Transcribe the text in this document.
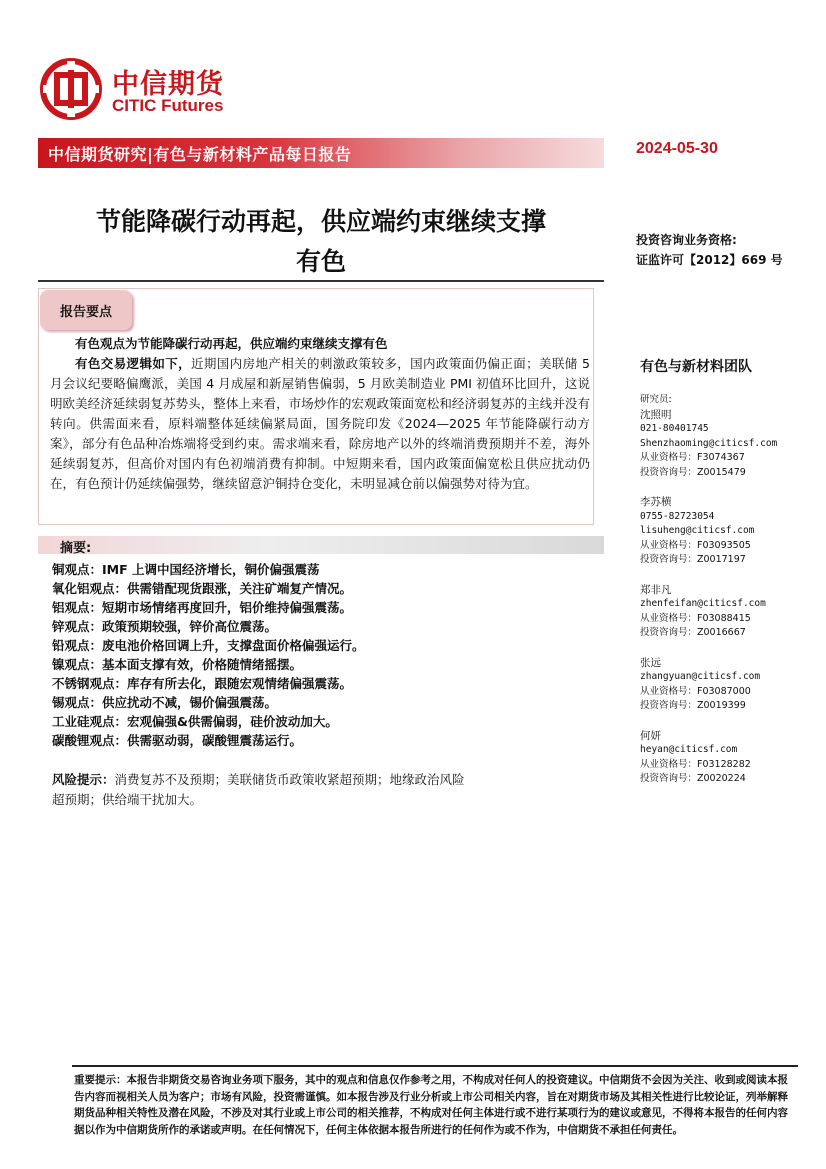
中信期货
CITIC Futures
中信期货研究|有色与新材料产品每日报告	2024-05-30
节能降碳行动再起，供应端约束继续支撑
有色
投资咨询业务资格:
证监许可【2012】669 号
报告要点

有色观点为节能降碳行动再起，供应端约束继续支撑有色

有色交易逻辑如下，近期国内房地产相关的刺激政策较多，国内政策面仍偏正面；美联储 5 月会议纪要略偏鹰派，美国 4 月成屋和新屋销售偏弱，5 月欧美制造业 PMI 初值环比回升，这说明欧美经济延续弱复苏势头，整体上来看，市场炒作的宏观政策面宽松和经济弱复苏的主线并没有转向。供需面来看，原料端整体延续偏紧局面，国务院印发《2024—2025 年节能降碳行动方案》，部分有色品种冶炼端将受到约束。需求端来看，除房地产以外的终端消费预期并不差，海外延续弱复苏，但高价对国内有色初端消费有抑制。中短期来看，国内政策面偏宽松且供应扰动仍在，有色预计仍延续偏强势，继续留意沪铜持仓变化，未明显减仓前以偏强势对待为宜。

摘要:
铜观点：IMF 上调中国经济增长，铜价偏强震荡
氧化铝观点：供需错配现货跟涨，关注矿端复产情况。
铝观点：短期市场情绪再度回升，铝价维持偏强震荡。
锌观点：政策预期较强，锌价高位震荡。
铅观点：废电池价格回调上升，支撑盘面价格偏强运行。
镍观点：基本面支撑有效，价格随情绪摇摆。
不锈钢观点：库存有所去化，跟随宏观情绪偏强震荡。
锡观点：供应扰动不减，锡价偏强震荡。
工业硅观点：宏观偏强&供需偏弱，硅价波动加大。
碳酸锂观点：供需驱动弱，碳酸锂震荡运行。
风险提示：消费复苏不及预期；美联储货币政策收紧超预期；地缘政治风险
超预期；供给端干扰加大。
有色与新材料团队
研究员:
沈照明
021-80401745
Shenzhaoming@citicsf.com
从业资格号：F3074367
投资咨询号：Z0015479
李苏横
0755-82723054
lisuheng@citicsf.com
从业资格号：F03093505
投资咨询号：Z0017197
郑非凡
zhenfeifan@citicsf.com
从业资格号：F03088415
投资咨询号：Z0016667
张远
zhangyuan@citicsf.com
从业资格号：F03087000
投资咨询号：Z0019399
何妍
heyan@citicsf.com
从业资格号：F03128282
投资咨询号：Z0020224
重要提示：本报告非期货交易咨询业务项下服务，其中的观点和信息仅作参考之用，不构成对任何人的投资建议。中信期货不会因为关注、收到或阅读本报告内容而视相关人员为客户；市场有风险，投资需谨慎。如本报告涉及行业分析或上市公司相关内容，旨在对期货市场及其相关性进行比较论证，列举解释期货品种相关特性及潜在风险，不涉及对其行业或上市公司的相关推荐，不构成对任何主体进行或不进行某项行为的建议或意见，不得将本报告的任何内容据以作为中信期货所作的承诺或声明。在任何情况下，任何主体依据本报告所进行的任何作为或不作为，中信期货不承担任何责任。
